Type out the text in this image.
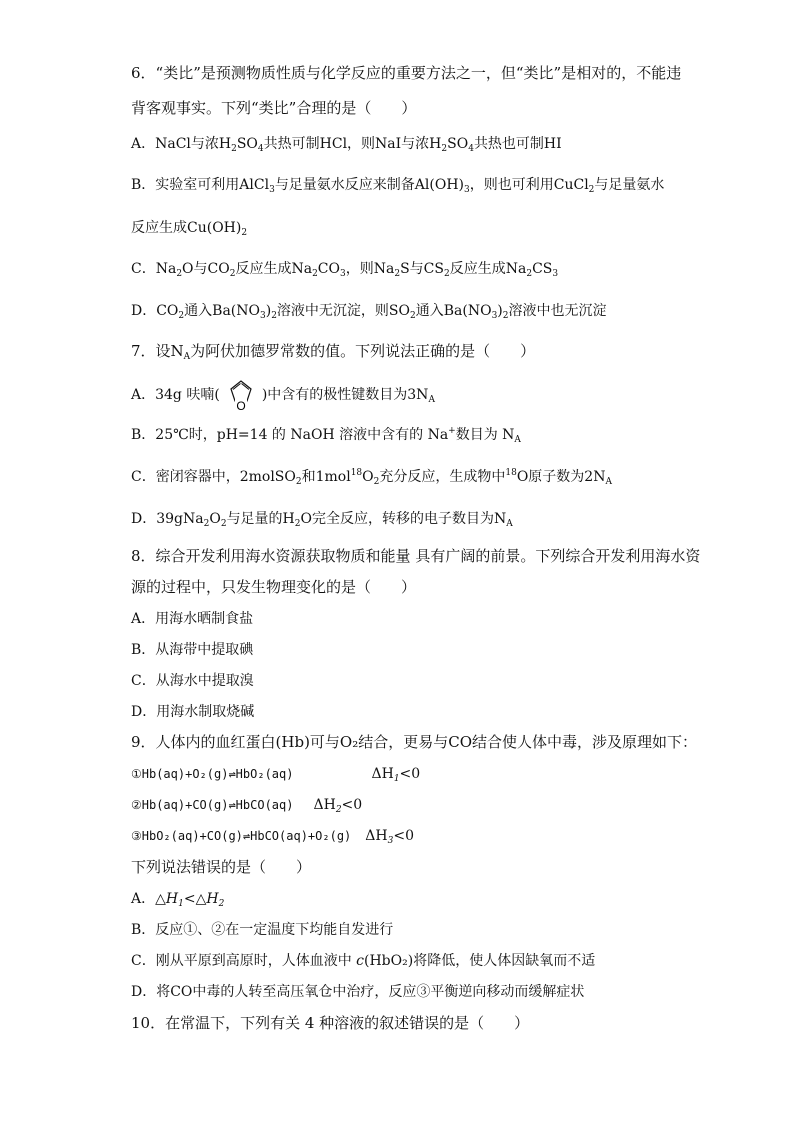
6．“类比”是预测物质性质与化学反应的重要方法之一，但“类比”是相对的，不能违
背客观事实。下列“类比”合理的是（　　）
A．NaCl与浓$H_2SO_4$共热可制HCl，则NaI与浓$H_2SO_4$共热也可制HI
B．实验室可利用AlCl$_3$与足量氨水反应来制备$Al(OH)_3$，则也可利用CuCl$_2$与足量氨水
反应生成$Cu(OH)_2$
C．$Na_2O$与$CO_2$反应生成$Na_2CO_3$，则$Na_2S$与$CS_2$反应生成$Na_2CS_3$
D．$CO_2$通入$Ba(NO_3)_2$溶液中无沉淀，则$SO_2$通入$Ba(NO_3)_2$溶液中也无沉淀
7．设$N_A$为阿伏加德罗常数的值。下列说法正确的是（　　）
A．34g 呋喃(
O
)中含有的极性键数目为$3N_A$
B．25℃时，pH=14 的 NaOH 溶液中含有的 Na+数目为 $N_A$
C．密闭容器中，2molSO$_2$和$1mol^{18}O_2$充分反应，生成物中$^{18}$O原子数为$2N_A$
D．$39gNa_2O_2$与足量的$H_2O$完全反应，转移的电子数目为$N_A$
8．综合开发利用海水资源获取物质和能量 具有广阔的前景。下列综合开发利用海水资
源的过程中，只发生物理变化的是（　　）
A．用海水晒制食盐
B．从海带中提取碘
C．从海水中提取溴
D．用海水制取烧碱
9．人体内的血红蛋白(Hb)可与O₂结合，更易与CO结合使人体中毒，涉及原理如下：
①Hb(aq)+O₂(g)⇌HbO₂(aq)	$\Delta H_1<0$
②Hb(aq)+CO(g)⇌HbCO(aq) $\Delta H_2<0$
③HbO₂(aq)+CO(g)⇌HbCO(aq)+O₂(g) $\Delta H_3<0$
下列说法错误的是（　　）
A．$\triangle H_1<\triangle H_2$
B．反应①、②在一定温度下均能自发进行
C．刚从平原到高原时，人体血液中 c(HbO₂)将降低，使人体因缺氧而不适
D．将CO中毒的人转至高压氧仓中治疗，反应③平衡逆向移动而缓解症状
10．在常温下，下列有关 4 种溶液的叙述错误的是（　　）
